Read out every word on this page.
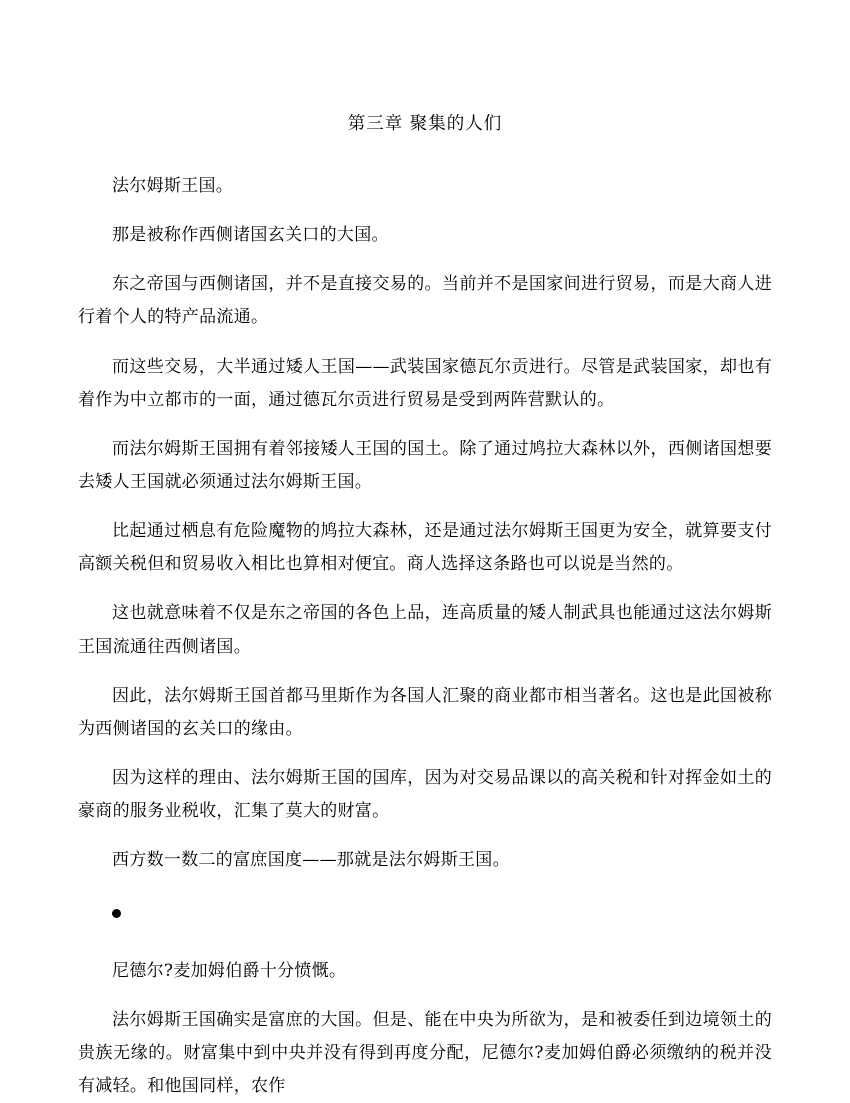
第三章 聚集的人们

法尔姆斯王国。

那是被称作西侧诸国玄关口的大国。

东之帝国与西侧诸国，并不是直接交易的。当前并不是国家间进行贸易，而是大商人进行着个人的特产品流通。

而这些交易，大半通过矮人王国——武装国家德瓦尔贡进行。尽管是武装国家，却也有着作为中立都市的一面，通过德瓦尔贡进行贸易是受到两阵营默认的。

而法尔姆斯王国拥有着邻接矮人王国的国土。除了通过鸠拉大森林以外，西侧诸国想要去矮人王国就必须通过法尔姆斯王国。

比起通过栖息有危险魔物的鸠拉大森林，还是通过法尔姆斯王国更为安全，就算要支付高额关税但和贸易收入相比也算相对便宜。商人选择这条路也可以说是当然的。

这也就意味着不仅是东之帝国的各色上品，连高质量的矮人制武具也能通过这法尔姆斯王国流通往西侧诸国。

因此，法尔姆斯王国首都马里斯作为各国人汇聚的商业都市相当著名。这也是此国被称为西侧诸国的玄关口的缘由。

因为这样的理由、法尔姆斯王国的国库，因为对交易品课以的高关税和针对挥金如土的豪商的服务业税收，汇集了莫大的财富。

西方数一数二的富庶国度——那就是法尔姆斯王国。

尼德尔?麦加姆伯爵十分愤慨。

法尔姆斯王国确实是富庶的大国。但是、能在中央为所欲为，是和被委任到边境领土的贵族无缘的。财富集中到中央并没有得到再度分配，尼德尔?麦加姆伯爵必须缴纳的税并没有减轻。和他国同样，农作
